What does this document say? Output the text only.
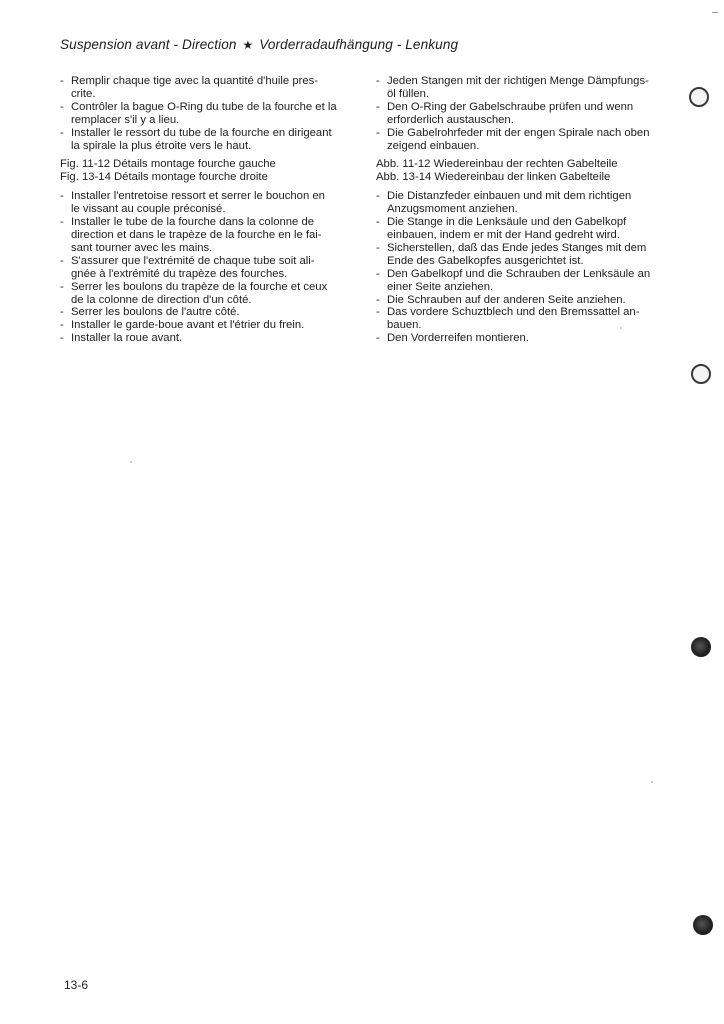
Suspension avant - Direction ★ Vorderradaufhängung - Lenkung
- Remplir chaque tige avec la quantité d'huile pres-
crite.
- Contrôler la bague O-Ring du tube de la fourche et la
remplacer s'il y a lieu.
- Installer le ressort du tube de la fourche en dirigeant
la spirale la plus étroite vers le haut.
Fig. 11-12 Détails montage fourche gauche
Fig. 13-14 Détails montage fourche droite
- Installer l'entretoise ressort et serrer le bouchon en
le vissant au couple préconisé.
- Installer le tube de la fourche dans la colonne de
direction et dans le trapèze de la fourche en le fai-
sant tourner avec les mains.
- S'assurer que l'extrémité de chaque tube soit ali-
gnée à l'extrémité du trapèze des fourches.
- Serrer les boulons du trapèze de la fourche et ceux
de la colonne de direction d'un côté.
- Serrer les boulons de l'autre côté.
- Installer le garde-boue avant et l'étrier du frein.
- Installer la roue avant.
- Jeden Stangen mit der richtigen Menge Dämpfungs-
öl füllen.
- Den O-Ring der Gabelschraube prüfen und wenn
erforderlich austauschen.
- Die Gabelrohrfeder mit der engen Spirale nach oben
zeigend einbauen.
Abb. 11-12 Wiedereinbau der rechten Gabelteile
Abb. 13-14 Wiedereinbau der linken Gabelteile
- Die Distanzfeder einbauen und mit dem richtigen
Anzugsmoment anziehen.
- Die Stange in die Lenksäule und den Gabelkopf
einbauen, indem er mit der Hand gedreht wird.
- Sicherstellen, daß das Ende jedes Stanges mit dem
Ende des Gabelkopfes ausgerichtet ist.
- Den Gabelkopf und die Schrauben der Lenksäule an
einer Seite anziehen.
- Die Schrauben auf der anderen Seite anziehen.
- Das vordere Schuztblech und den Bremssattel an-
bauen.
- Den Vorderreifen montieren.
13-6
